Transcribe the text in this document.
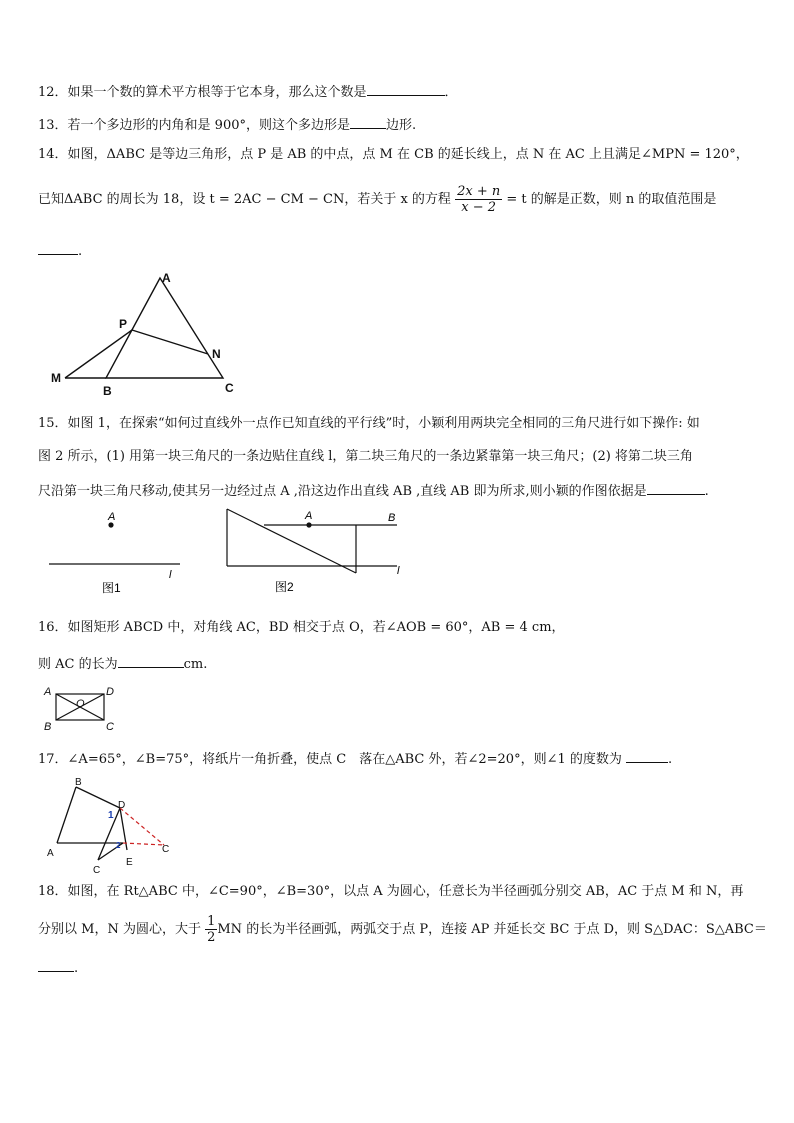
12．如果一个数的算术平方根等于它本身，那么这个数是	．
13．若一个多边形的内角和是 900°，则这个多边形是	边形.
14．如图，ΔABC 是等边三角形，点 P 是 AB 的中点，点 M 在 CB 的延长线上，点 N 在 AC 上且满足∠MPN = 120°，
已知ΔABC 的周长为 18，设 t = 2AC − CM − CN，若关于 x 的方程 $\frac{2x + n}{x - 2} = t$ 的解是正数，则 n 的取值范围是
.
A
P
N
M
B	C
15．如图 1，在探索“如何过直线外一点作已知直线的平行线”时，小颖利用两块完全相同的三角尺进行如下操作: 如
图 2 所示，(1) 用第一块三角尺的一条边贴住直线 l，第二块三角尺的一条边紧靠第一块三角尺；(2) 将第二块三角
尺沿第一块三角尺移动,使其另一边经过点 A ,沿这边作出直线 AB ,直线 AB 即为所求,则小颖的作图依据是	.
A
l
图1
A	B
l
图2
16．如图矩形 ABCD 中，对角线 AC，BD 相交于点 O，若∠AOB = 60°，AB = 4 cm，
则 AC 的长为	cm.
A	D
O
B	C
17．∠A=65°，∠B=75°，将纸片一角折叠，使点 C　落在△ABC 外，若∠2=20°，则∠1 的度数为	.
B
D
1
2
E
A
C
C
18．如图，在 Rt△ABC 中，∠C=90°，∠B=30°，以点 A 为圆心，任意长为半径画弧分别交 AB，AC 于点 M 和 N，再
分别以 M，N 为圆心，大于 $\frac{1}{2}$ MN 的长为半径画弧，两弧交于点 P，连接 AP 并延长交 BC 于点 D，则 S△DAC：S△ABC＝
.
